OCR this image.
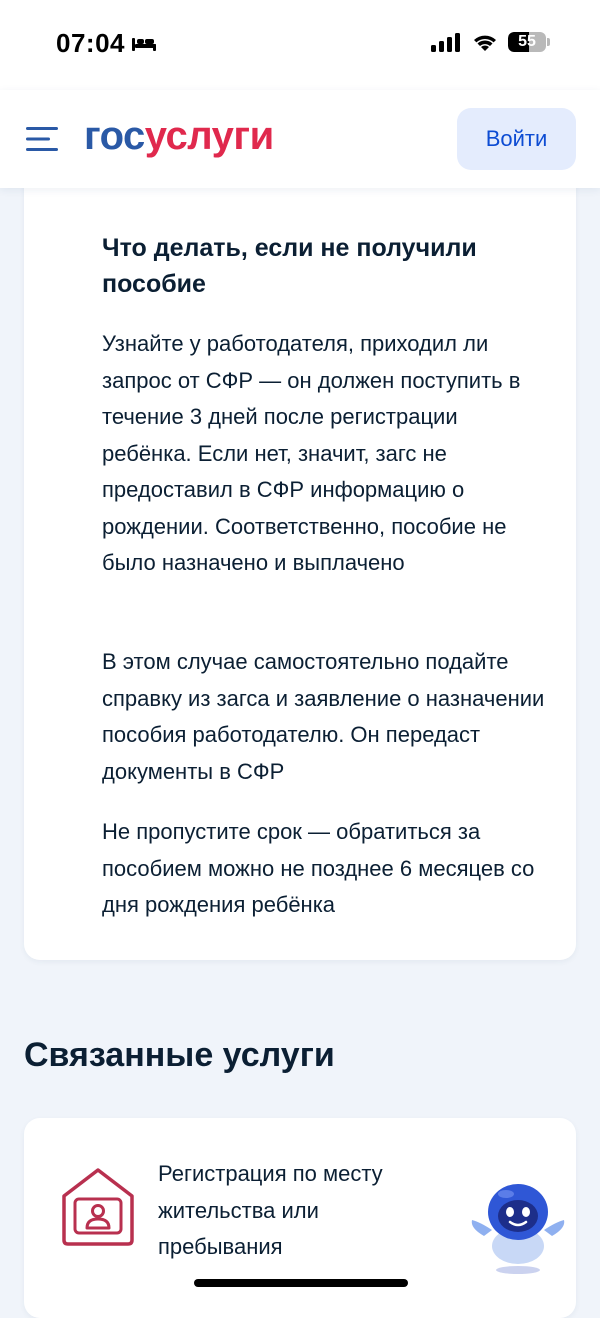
07:04	55
госуслуги	Войти
Что делать, если не получили пособие
Узнайте у работодателя, приходил ли запрос от СФР — он должен поступить в течение 3 дней после регистрации ребёнка. Если нет, значит, загс не предоставил в СФР информацию о рождении. Соответственно, пособие не было назначено и выплачено
В этом случае самостоятельно подайте справку из загса и заявление о назначении пособия работодателю. Он передаст документы в СФР
Не пропустите срок — обратиться за пособием можно не позднее 6 месяцев со дня рождения ребёнка
Связанные услуги
Регистрация по месту жительства или пребывания
